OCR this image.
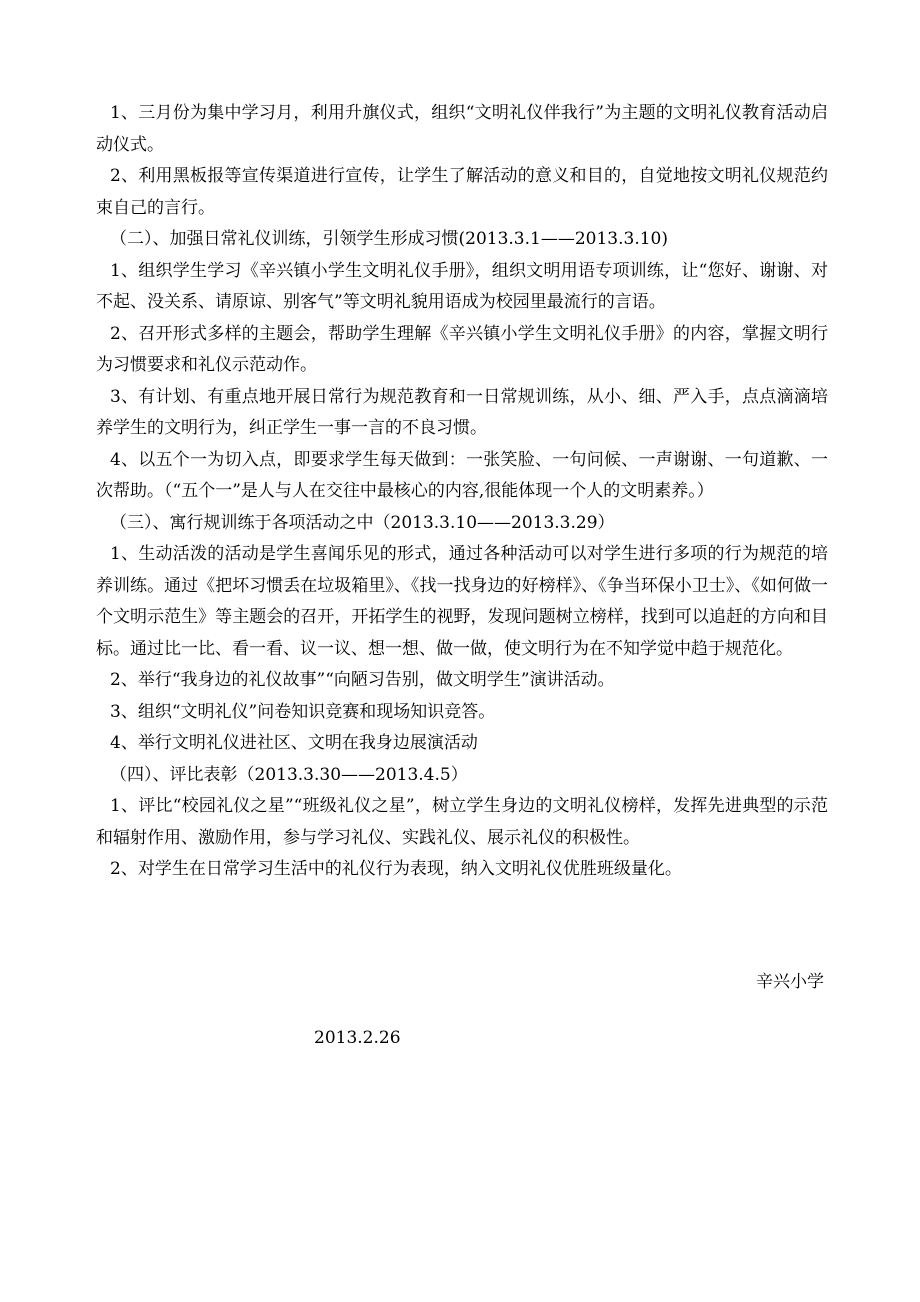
1、三月份为集中学习月，利用升旗仪式，组织“文明礼仪伴我行”为主题的文明礼仪教育活动启动仪式。

2、利用黑板报等宣传渠道进行宣传，让学生了解活动的意义和目的，自觉地按文明礼仪规范约束自己的言行。

（二）、加强日常礼仪训练，引领学生形成习惯(2013.3.1——2013.3.10)

1、组织学生学习《辛兴镇小学生文明礼仪手册》，组织文明用语专项训练，让“您好、谢谢、对不起、没关系、请原谅、别客气”等文明礼貌用语成为校园里最流行的言语。

2、召开形式多样的主题会，帮助学生理解《辛兴镇小学生文明礼仪手册》的内容，掌握文明行为习惯要求和礼仪示范动作。

3、有计划、有重点地开展日常行为规范教育和一日常规训练，从小、细、严入手，点点滴滴培养学生的文明行为，纠正学生一事一言的不良习惯。

4、以五个一为切入点，即要求学生每天做到：一张笑脸、一句问候、一声谢谢、一句道歉、一次帮助。（“五个一”是人与人在交往中最核心的内容,很能体现一个人的文明素养。）

（三）、寓行规训练于各项活动之中（2013.3.10——2013.3.29）

1、生动活泼的活动是学生喜闻乐见的形式，通过各种活动可以对学生进行多项的行为规范的培养训练。通过《把坏习惯丢在垃圾箱里》、《找一找身边的好榜样》、《争当环保小卫士》、《如何做一个文明示范生》等主题会的召开，开拓学生的视野，发现问题树立榜样，找到可以追赶的方向和目标。通过比一比、看一看、议一议、想一想、做一做，使文明行为在不知学觉中趋于规范化。

2、举行“我身边的礼仪故事”“向陋习告别，做文明学生”演讲活动。

3、组织“文明礼仪”问卷知识竞赛和现场知识竞答。

4、举行文明礼仪进社区、文明在我身边展演活动

（四）、评比表彰（2013.3.30——2013.4.5）

1、评比“校园礼仪之星”“班级礼仪之星”，树立学生身边的文明礼仪榜样，发挥先进典型的示范和辐射作用、激励作用，参与学习礼仪、实践礼仪、展示礼仪的积极性。

2、对学生在日常学习生活中的礼仪行为表现，纳入文明礼仪优胜班级量化。

辛兴小学
2013.2.26
